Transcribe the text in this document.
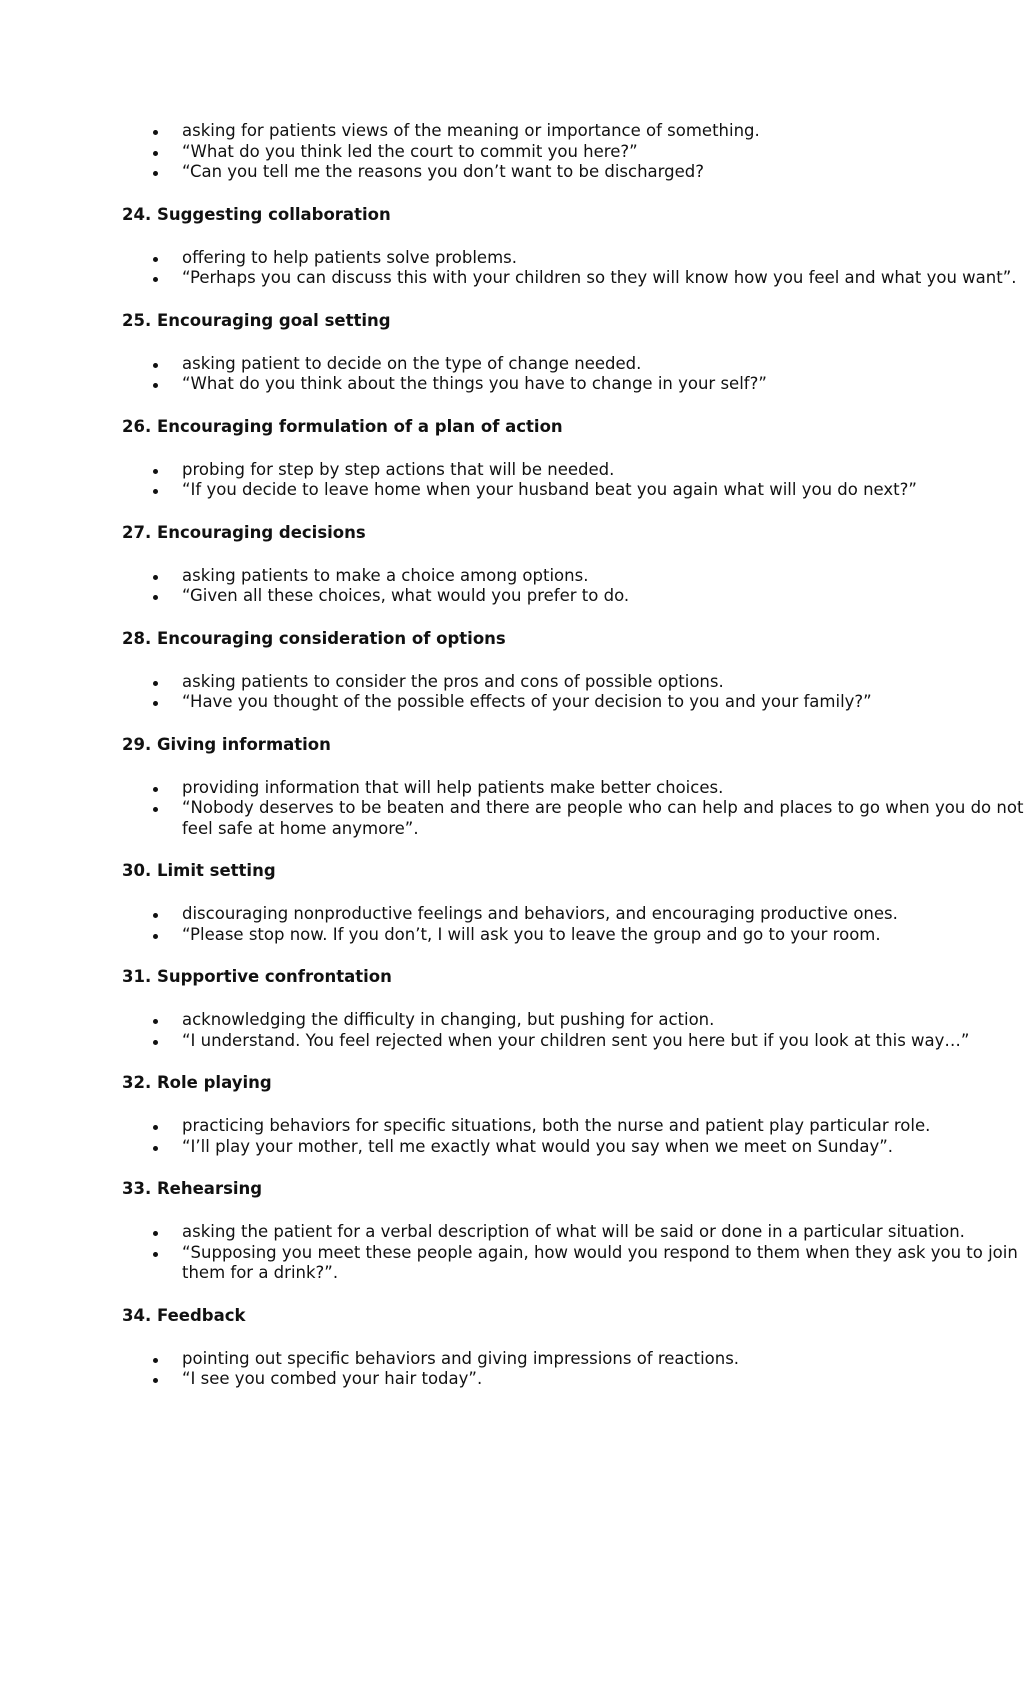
asking for patients views of the meaning or importance of something.
“What do you think led the court to commit you here?”
“Can you tell me the reasons you don’t want to be discharged?
24. Suggesting collaboration
offering to help patients solve problems.
“Perhaps you can discuss this with your children so they will know how you feel and what you want”.
25. Encouraging goal setting
asking patient to decide on the type of change needed.
“What do you think about the things you have to change in your self?”
26. Encouraging formulation of a plan of action
probing for step by step actions that will be needed.
“If you decide to leave home when your husband beat you again what will you do next?”
27. Encouraging decisions
asking patients to make a choice among options.
“Given all these choices, what would you prefer to do.
28. Encouraging consideration of options
asking patients to consider the pros and cons of possible options.
“Have you thought of the possible effects of your decision to you and your family?”
29. Giving information
providing information that will help patients make better choices.
“Nobody deserves to be beaten and there are people who can help and places to go when you do not feel safe at home anymore”.
30. Limit setting
discouraging nonproductive feelings and behaviors, and encouraging productive ones.
“Please stop now. If you don’t, I will ask you to leave the group and go to your room.
31. Supportive confrontation
acknowledging the difficulty in changing, but pushing for action.
“I understand. You feel rejected when your children sent you here but if you look at this way…”
32. Role playing
practicing behaviors for specific situations, both the nurse and patient play particular role.
“I’ll play your mother, tell me exactly what would you say when we meet on Sunday”.
33. Rehearsing
asking the patient for a verbal description of what will be said or done in a particular situation.
“Supposing you meet these people again, how would you respond to them when they ask you to join them for a drink?”.
34. Feedback
pointing out specific behaviors and giving impressions of reactions.
“I see you combed your hair today”.
